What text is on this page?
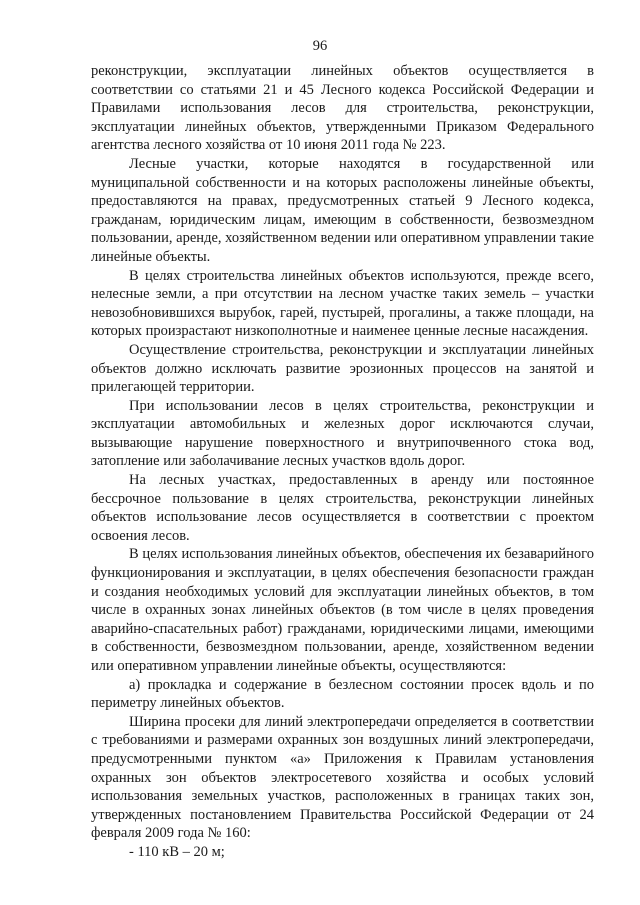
96

реконструкции, эксплуатации линейных объектов осуществляется в соответствии со статьями 21 и 45 Лесного кодекса Российской Федерации и Правилами использования лесов для строительства, реконструкции, эксплуатации линейных объектов, утвержденными Приказом Федерального агентства лесного хозяйства от 10 июня 2011 года № 223.

Лесные участки, которые находятся в государственной или муниципальной собственности и на которых расположены линейные объекты, предоставляются на правах, предусмотренных статьей 9 Лесного кодекса, гражданам, юридическим лицам, имеющим в собственности, безвозмездном пользовании, аренде, хозяйственном ведении или оперативном управлении такие линейные объекты.

В целях строительства линейных объектов используются, прежде всего, нелесные земли, а при отсутствии на лесном участке таких земель – участки невозобновившихся вырубок, гарей, пустырей, прогалины, а также площади, на которых произрастают низкополнотные и наименее ценные лесные насаждения.

Осуществление строительства, реконструкции и эксплуатации линейных объектов должно исключать развитие эрозионных процессов на занятой и прилегающей территории.

При использовании лесов в целях строительства, реконструкции и эксплуатации автомобильных и железных дорог исключаются случаи, вызывающие нарушение поверхностного и внутрипочвенного стока вод, затопление или заболачивание лесных участков вдоль дорог.

На лесных участках, предоставленных в аренду или постоянное бессрочное пользование в целях строительства, реконструкции линейных объектов использование лесов осуществляется в соответствии с проектом освоения лесов.

В целях использования линейных объектов, обеспечения их безаварийного функционирования и эксплуатации, в целях обеспечения безопасности граждан и создания необходимых условий для эксплуатации линейных объектов, в том числе в охранных зонах линейных объектов (в том числе в целях проведения аварийно-спасательных работ) гражданами, юридическими лицами, имеющими в собственности, безвозмездном пользовании, аренде, хозяйственном ведении или оперативном управлении линейные объекты, осуществляются:

а) прокладка и содержание в безлесном состоянии просек вдоль и по периметру линейных объектов.

Ширина просеки для линий электропередачи определяется в соответствии с требованиями и размерами охранных зон воздушных линий электропередачи, предусмотренными пунктом «а» Приложения к Правилам установления охранных зон объектов электросетевого хозяйства и особых условий использования земельных участков, расположенных в границах таких зон, утвержденных постановлением Правительства Российской Федерации от 24 февраля 2009 года № 160:

- 110 кВ – 20 м;
